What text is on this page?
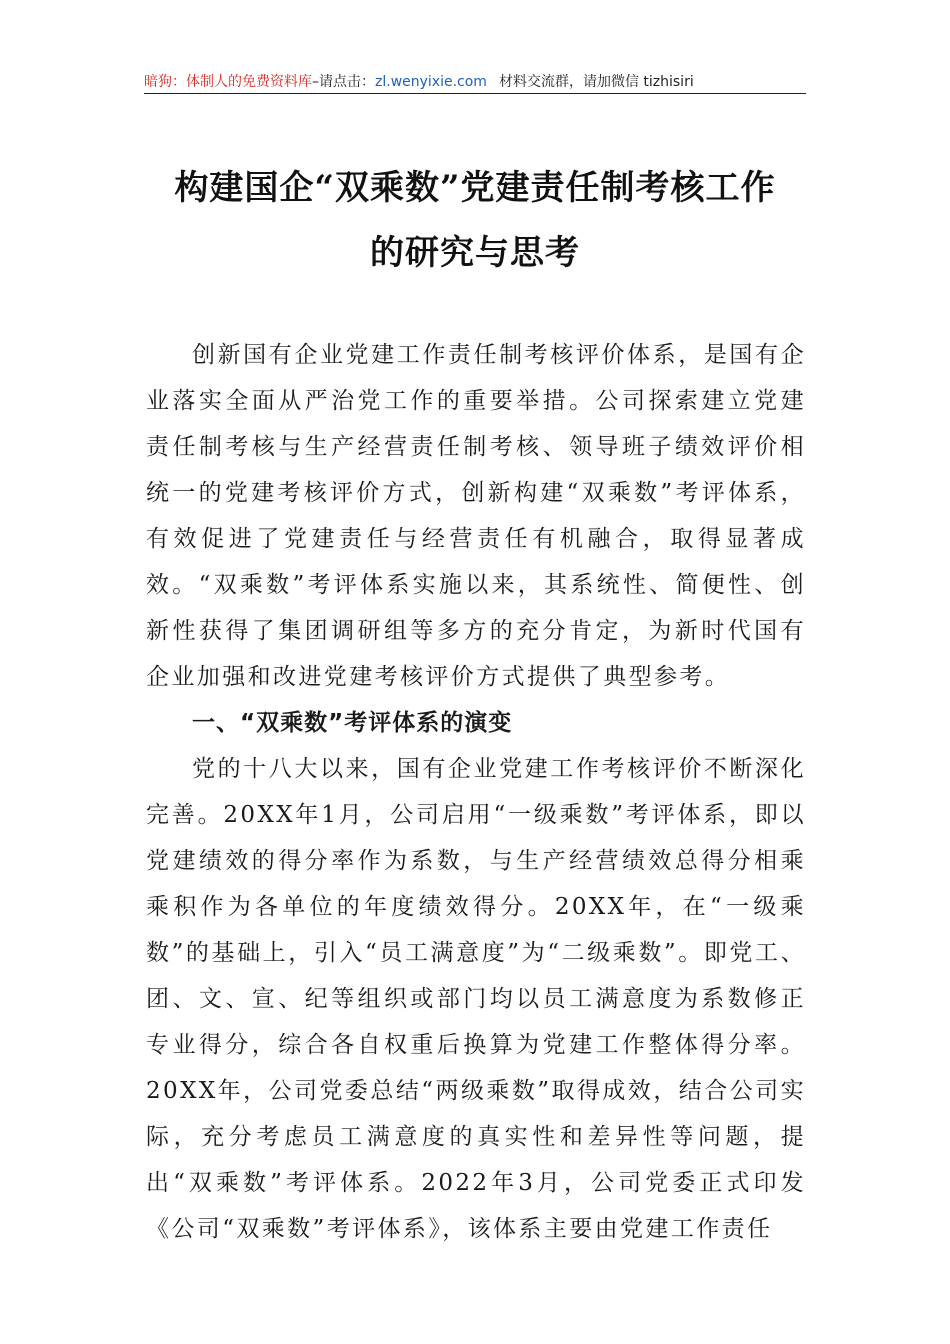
暗狗：体制人的免费资料库 –请点击： zl.wenyixie.com 材料交流群，请加微信 tizhisiri
构建国企“双乘数”党建责任制考核工作
的研究与思考

创新国有企业党建工作责任制考核评价体系，是国有企业落实全面从严治党工作的重要举措。公司探索建立党建责任制考核与生产经营责任制考核、领导班子绩效评价相统一的党建考核评价方式，创新构建“双乘数”考评体系，有效促进了党建责任与经营责任有机融合，取得显著成效。“双乘数”考评体系实施以来，其系统性、简便性、创新性获得了集团调研组等多方的充分肯定，为新时代国有企业加强和改进党建考核评价方式提供了典型参考。

一、“双乘数”考评体系的演变

党的十八大以来，国有企业党建工作考核评价不断深化完善。20XX年1月，公司启用“一级乘数”考评体系，即以党建绩效的得分率作为系数，与生产经营绩效总得分相乘乘积作为各单位的年度绩效得分。20XX年，在“一级乘数”的基础上，引入“员工满意度”为“二级乘数”。即党工、团、文、宣、纪等组织或部门均以员工满意度为系数修正专业得分，综合各自权重后换算为党建工作整体得分率。20XX年，公司党委总结“两级乘数”取得成效，结合公司实际，充分考虑员工满意度的真实性和差异性等问题，提出“双乘数”考评体系。2022年3月，公司党委正式印发《公司“双乘数”考评体系》，该体系主要由党建工作责任
